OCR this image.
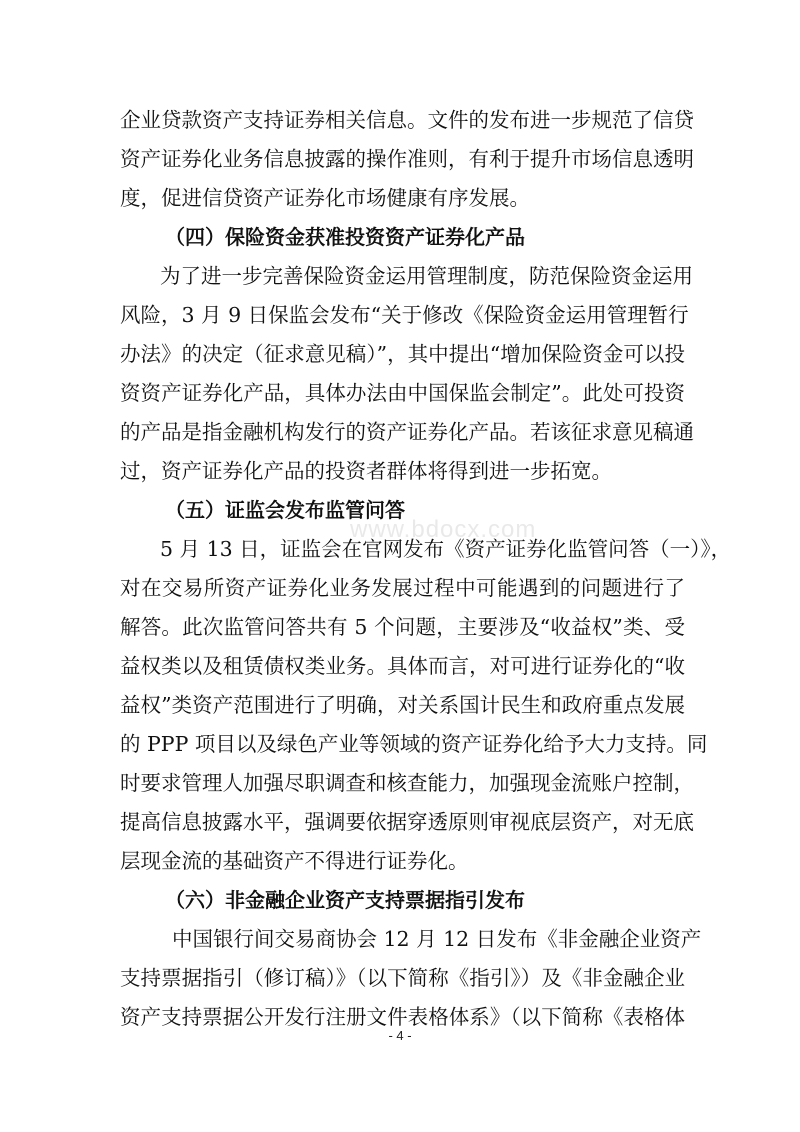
www.bdocx.com
企业贷款资产支持证券相关信息。文件的发布进一步规范了信贷
资产证券化业务信息披露的操作准则，有利于提升市场信息透明
度，促进信贷资产证券化市场健康有序发展。
（四）保险资金获准投资资产证券化产品
为了进一步完善保险资金运用管理制度，防范保险资金运用
风险，3 月 9 日保监会发布“关于修改《保险资金运用管理暂行
办法》的决定（征求意见稿）”，其中提出“增加保险资金可以投
资资产证券化产品，具体办法由中国保监会制定”。此处可投资
的产品是指金融机构发行的资产证券化产品。若该征求意见稿通
过，资产证券化产品的投资者群体将得到进一步拓宽。
（五）证监会发布监管问答
5 月 13 日，证监会在官网发布《资产证券化监管问答（一）》，
对在交易所资产证券化业务发展过程中可能遇到的问题进行了
解答。此次监管问答共有 5 个问题，主要涉及“收益权”类、受
益权类以及租赁债权类业务。具体而言，对可进行证券化的“收
益权”类资产范围进行了明确，对关系国计民生和政府重点发展
的 PPP 项目以及绿色产业等领域的资产证券化给予大力支持。同
时要求管理人加强尽职调查和核查能力，加强现金流账户控制，
提高信息披露水平，强调要依据穿透原则审视底层资产，对无底
层现金流的基础资产不得进行证券化。
（六）非金融企业资产支持票据指引发布
中国银行间交易商协会 12 月 12 日发布《非金融企业资产
支持票据指引（修订稿）》（以下简称《指引》）及《非金融企业
资产支持票据公开发行注册文件表格体系》（以下简称《表格体
- 4 -
